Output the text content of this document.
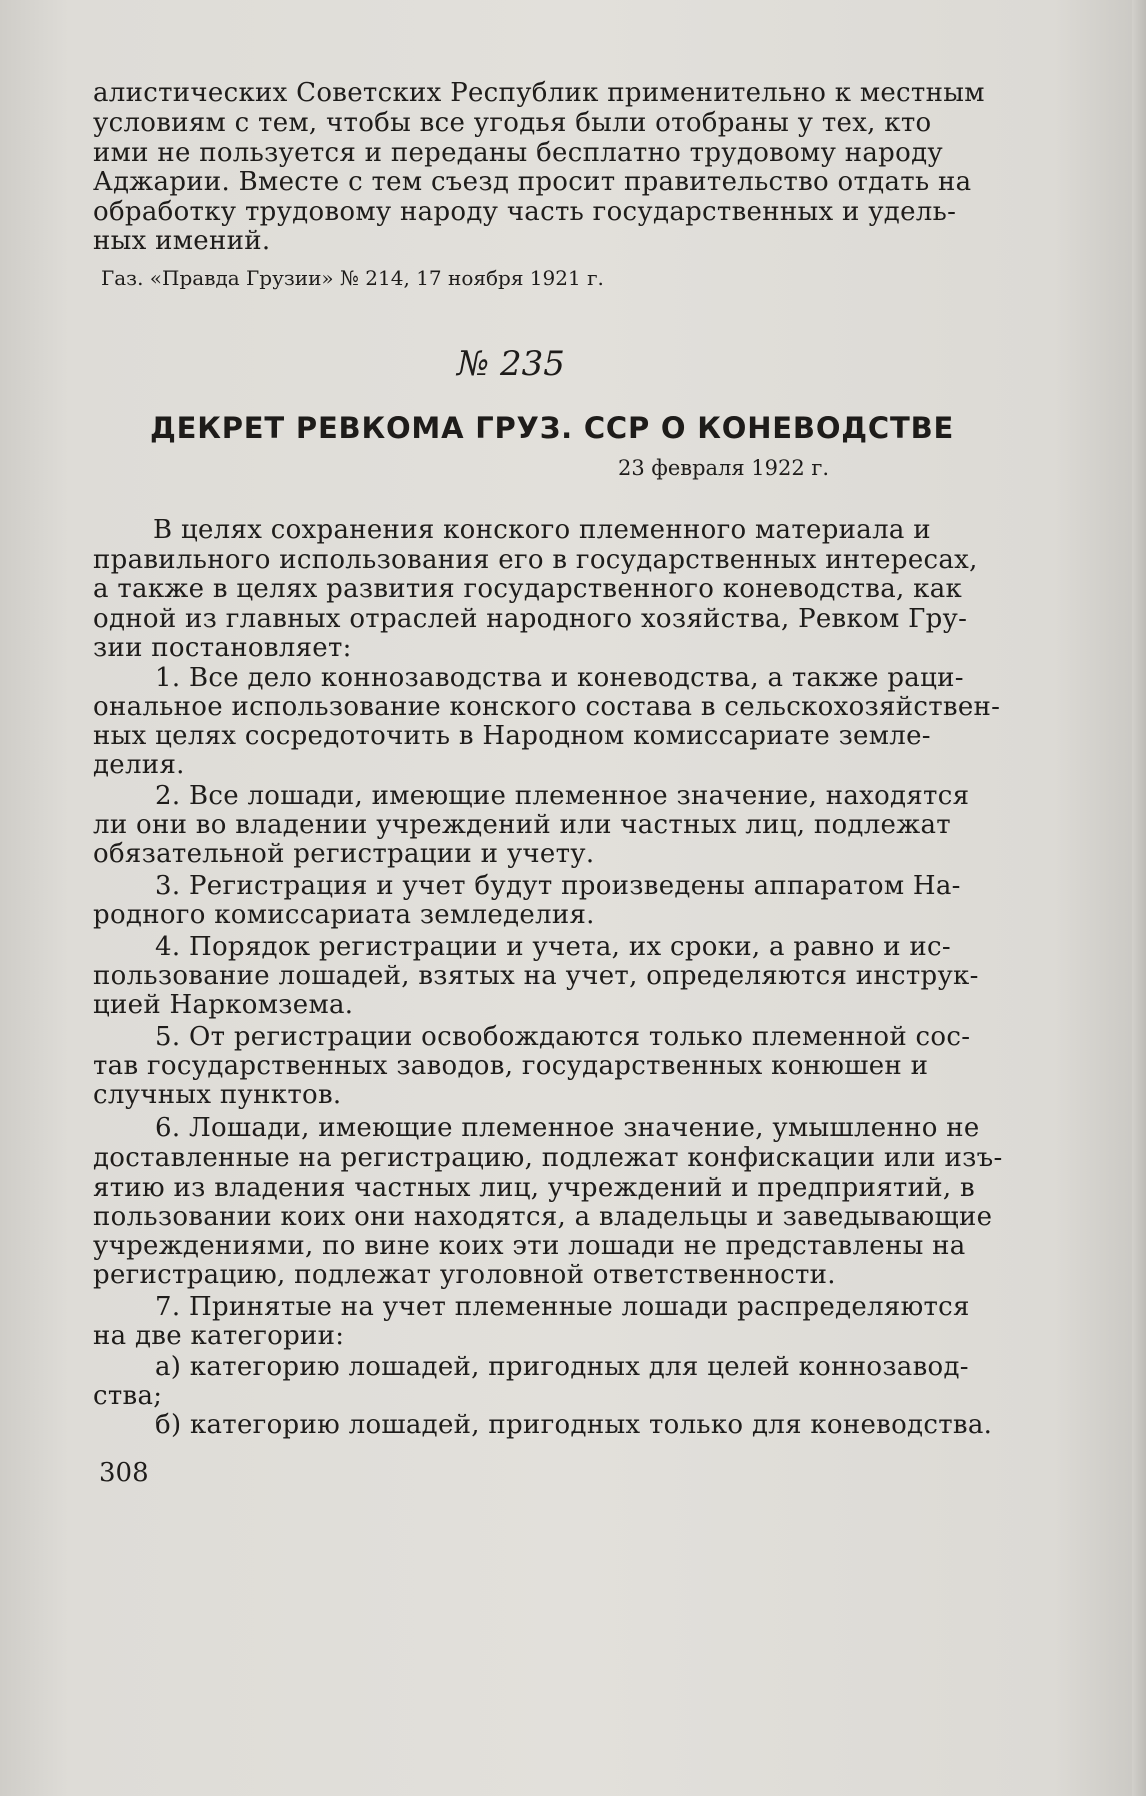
алистических Советских Республик применительно к местным
условиям с тем, чтобы все угодья были отобраны у тех, кто
ими не пользуется и переданы бесплатно трудовому народу
Аджарии. Вместе с тем съезд просит правительство отдать на
обработку трудовому народу часть государственных и удель-
ных имений.
Газ. «Правда Грузии» № 214, 17 ноября 1921 г.
№ 235
ДЕКРЕТ РЕВКОМА ГРУЗ. ССР О КОНЕВОДСТВЕ
23 февраля 1922 г.
В целях сохранения конского племенного материала и
правильного использования его в государственных интересах,
а также в целях развития государственного коневодства, как
одной из главных отраслей народного хозяйства, Ревком Гру-
зии постановляет:
1. Все дело коннозаводства и коневодства, а также раци-
ональное использование конского состава в сельскохозяйствен-
ных целях сосредоточить в Народном комиссариате земле-
делия.
2. Все лошади, имеющие племенное значение, находятся
ли они во владении учреждений или частных лиц, подлежат
обязательной регистрации и учету.
3. Регистрация и учет будут произведены аппаратом На-
родного комиссариата земледелия.
4. Порядок регистрации и учета, их сроки, а равно и ис-
пользование лошадей, взятых на учет, определяются инструк-
цией Наркомзема.
5. От регистрации освобождаются только племенной сос-
тав государственных заводов, государственных конюшен и
случных пунктов.
6. Лошади, имеющие племенное значение, умышленно не
доставленные на регистрацию, подлежат конфискации или изъ-
ятию из владения частных лиц, учреждений и предприятий, в
пользовании коих они находятся, а владельцы и заведывающие
учреждениями, по вине коих эти лошади не представлены на
регистрацию, подлежат уголовной ответственности.
7. Принятые на учет племенные лошади распределяются
на две категории:
а) категорию лошадей, пригодных для целей коннозавод-
ства;
б) категорию лошадей, пригодных только для коневодства.
308
